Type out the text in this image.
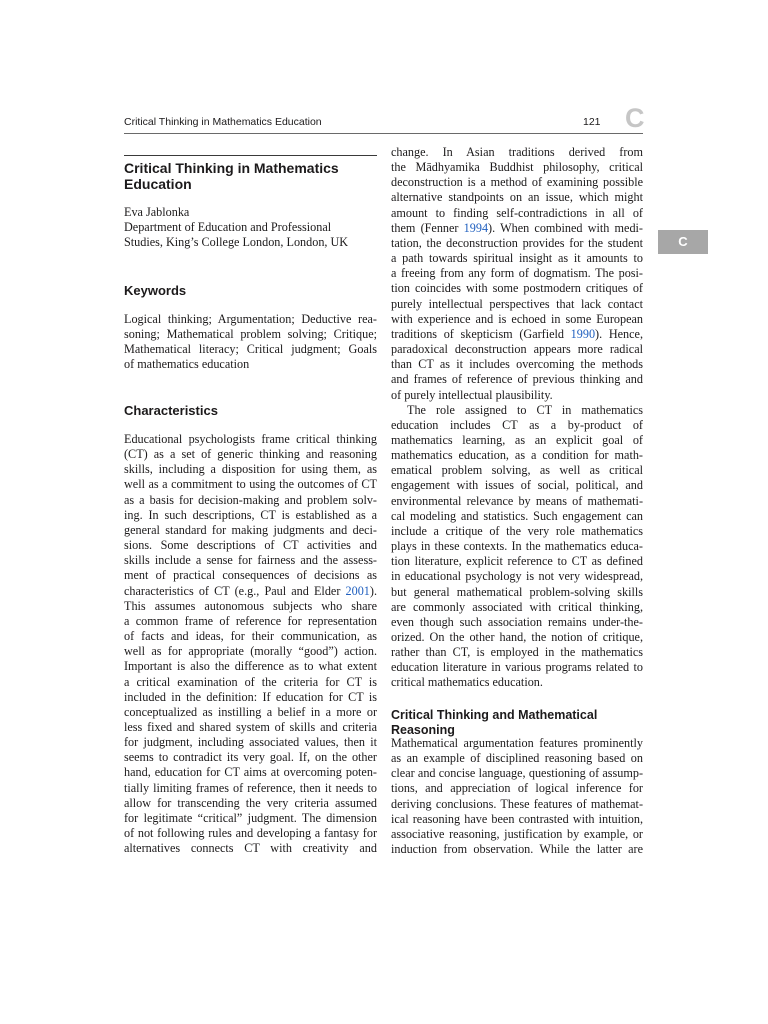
Critical Thinking in Mathematics Education	121 C
C
Critical Thinking in Mathematics
Education
Eva Jablonka
Department of Education and Professional
Studies, King’s College London, London, UK
Keywords
Logical thinking; Argumentation; Deductive rea-
soning; Mathematical problem solving; Critique;
Mathematical literacy; Critical judgment; Goals
of mathematics education
Characteristics
Educational psychologists frame critical thinking
(CT) as a set of generic thinking and reasoning
skills, including a disposition for using them, as
well as a commitment to using the outcomes of CT
as a basis for decision-making and problem solv-
ing. In such descriptions, CT is established as a
general standard for making judgments and deci-
sions. Some descriptions of CT activities and
skills include a sense for fairness and the assess-
ment of practical consequences of decisions as
characteristics of CT (e.g., Paul and Elder 2001).
This assumes autonomous subjects who share
a common frame of reference for representation
of facts and ideas, for their communication, as
well as for appropriate (morally “good”) action.
Important is also the difference as to what extent
a critical examination of the criteria for CT is
included in the definition: If education for CT is
conceptualized as instilling a belief in a more or
less fixed and shared system of skills and criteria
for judgment, including associated values, then it
seems to contradict its very goal. If, on the other
hand, education for CT aims at overcoming poten-
tially limiting frames of reference, then it needs to
allow for transcending the very criteria assumed
for legitimate “critical” judgment. The dimension
of not following rules and developing a fantasy for
alternatives connects CT with creativity and
change. In Asian traditions derived from
the Mādhyamika Buddhist philosophy, critical
deconstruction is a method of examining possible
alternative standpoints on an issue, which might
amount to finding self-contradictions in all of
them (Fenner 1994). When combined with medi-
tation, the deconstruction provides for the student
a path towards spiritual insight as it amounts to
a freeing from any form of dogmatism. The posi-
tion coincides with some postmodern critiques of
purely intellectual perspectives that lack contact
with experience and is echoed in some European
traditions of skepticism (Garfield 1990). Hence,
paradoxical deconstruction appears more radical
than CT as it includes overcoming the methods
and frames of reference of previous thinking and
of purely intellectual plausibility.
The role assigned to CT in mathematics
education includes CT as a by-product of
mathematics learning, as an explicit goal of
mathematics education, as a condition for math-
ematical problem solving, as well as critical
engagement with issues of social, political, and
environmental relevance by means of mathemati-
cal modeling and statistics. Such engagement can
include a critique of the very role mathematics
plays in these contexts. In the mathematics educa-
tion literature, explicit reference to CT as defined
in educational psychology is not very widespread,
but general mathematical problem-solving skills
are commonly associated with critical thinking,
even though such association remains under-the-
orized. On the other hand, the notion of critique,
rather than CT, is employed in the mathematics
education literature in various programs related to
critical mathematics education.
Critical Thinking and Mathematical
Reasoning
Mathematical argumentation features prominently
as an example of disciplined reasoning based on
clear and concise language, questioning of assump-
tions, and appreciation of logical inference for
deriving conclusions. These features of mathemat-
ical reasoning have been contrasted with intuition,
associative reasoning, justification by example, or
induction from observation. While the latter are
